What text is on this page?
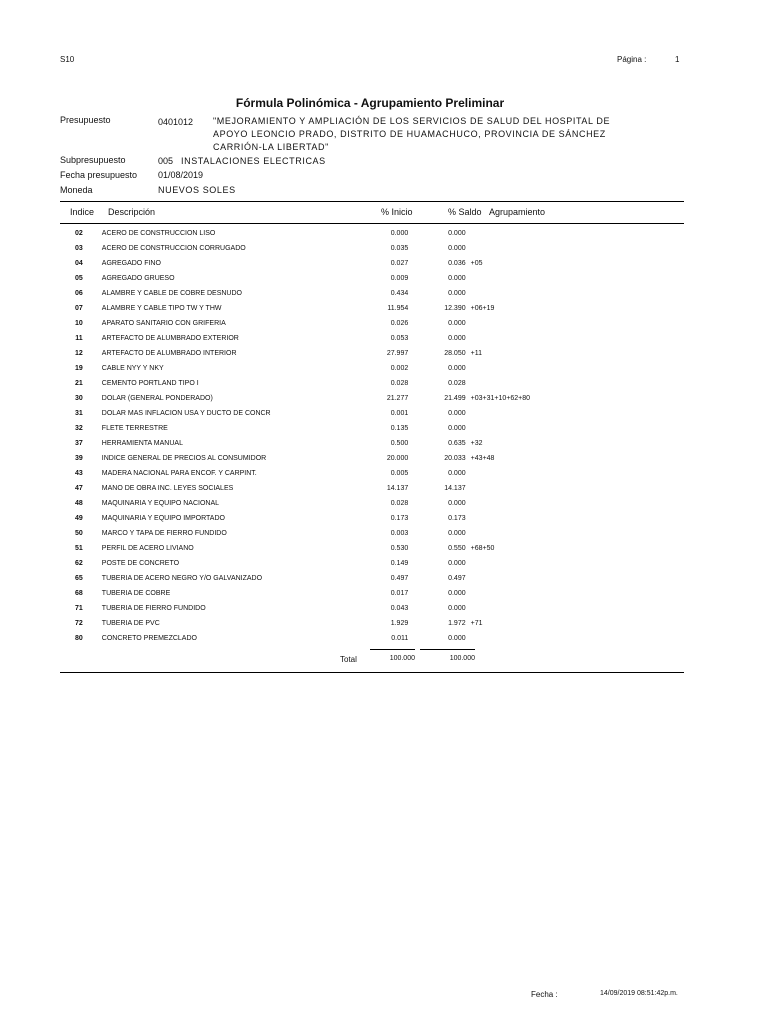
S10	Página :	1
Fórmula Polinómica - Agrupamiento Preliminar
Presupuesto	0401012 "MEJORAMIENTO Y AMPLIACIÓN DE LOS SERVICIOS DE SALUD DEL HOSPITAL DE APOYO LEONCIO PRADO, DISTRITO DE HUAMACHUCO, PROVINCIA DE SÁNCHEZ CARRIÓN-LA LIBERTAD"
Subpresupuesto	005 INSTALACIONES ELECTRICAS
Fecha presupuesto 01/08/2019
Moneda	NUEVOS SOLES
Indice Descripción	% Inicio	% Saldo Agrupamiento
02	ACERO DE CONSTRUCCION LISO	0.000	0.000	
03	ACERO DE CONSTRUCCION CORRUGADO	0.035	0.000	
04	AGREGADO FINO	0.027	0.036	+05
05	AGREGADO GRUESO	0.009	0.000	
06	ALAMBRE Y CABLE DE COBRE DESNUDO	0.434	0.000	
07	ALAMBRE Y CABLE TIPO TW Y THW	11.954	12.390	+06+19
10	APARATO SANITARIO CON GRIFERIA	0.026	0.000	
11	ARTEFACTO DE ALUMBRADO EXTERIOR	0.053	0.000	
12	ARTEFACTO DE ALUMBRADO INTERIOR	27.997	28.050	+11
19	CABLE NYY Y NKY	0.002	0.000	
21	CEMENTO PORTLAND TIPO I	0.028	0.028	
30	DOLAR (GENERAL PONDERADO)	21.277	21.499	+03+31+10+62+80
31	DOLAR MAS INFLACION USA Y DUCTO DE CONCR	0.001	0.000	
32	FLETE TERRESTRE	0.135	0.000	
37	HERRAMIENTA MANUAL	0.500	0.635	+32
39	INDICE GENERAL DE PRECIOS AL CONSUMIDOR	20.000	20.033	+43+48
43	MADERA NACIONAL PARA ENCOF. Y CARPINT.	0.005	0.000	
47	MANO DE OBRA INC. LEYES SOCIALES	14.137	14.137	
48	MAQUINARIA Y EQUIPO NACIONAL	0.028	0.000	
49	MAQUINARIA Y EQUIPO IMPORTADO	0.173	0.173	
50	MARCO Y TAPA DE FIERRO FUNDIDO	0.003	0.000	
51	PERFIL DE ACERO LIVIANO	0.530	0.550	+68+50
62	POSTE DE CONCRETO	0.149	0.000	
65	TUBERIA DE ACERO NEGRO Y/O GALVANIZADO	0.497	0.497	
68	TUBERIA DE COBRE	0.017	0.000	
71	TUBERIA DE FIERRO FUNDIDO	0.043	0.000	
72	TUBERIA DE PVC	1.929	1.972	+71
80	CONCRETO PREMEZCLADO	0.011	0.000	
Total	100.000	100.000
Fecha :	14/09/2019 08:51:42p.m.
